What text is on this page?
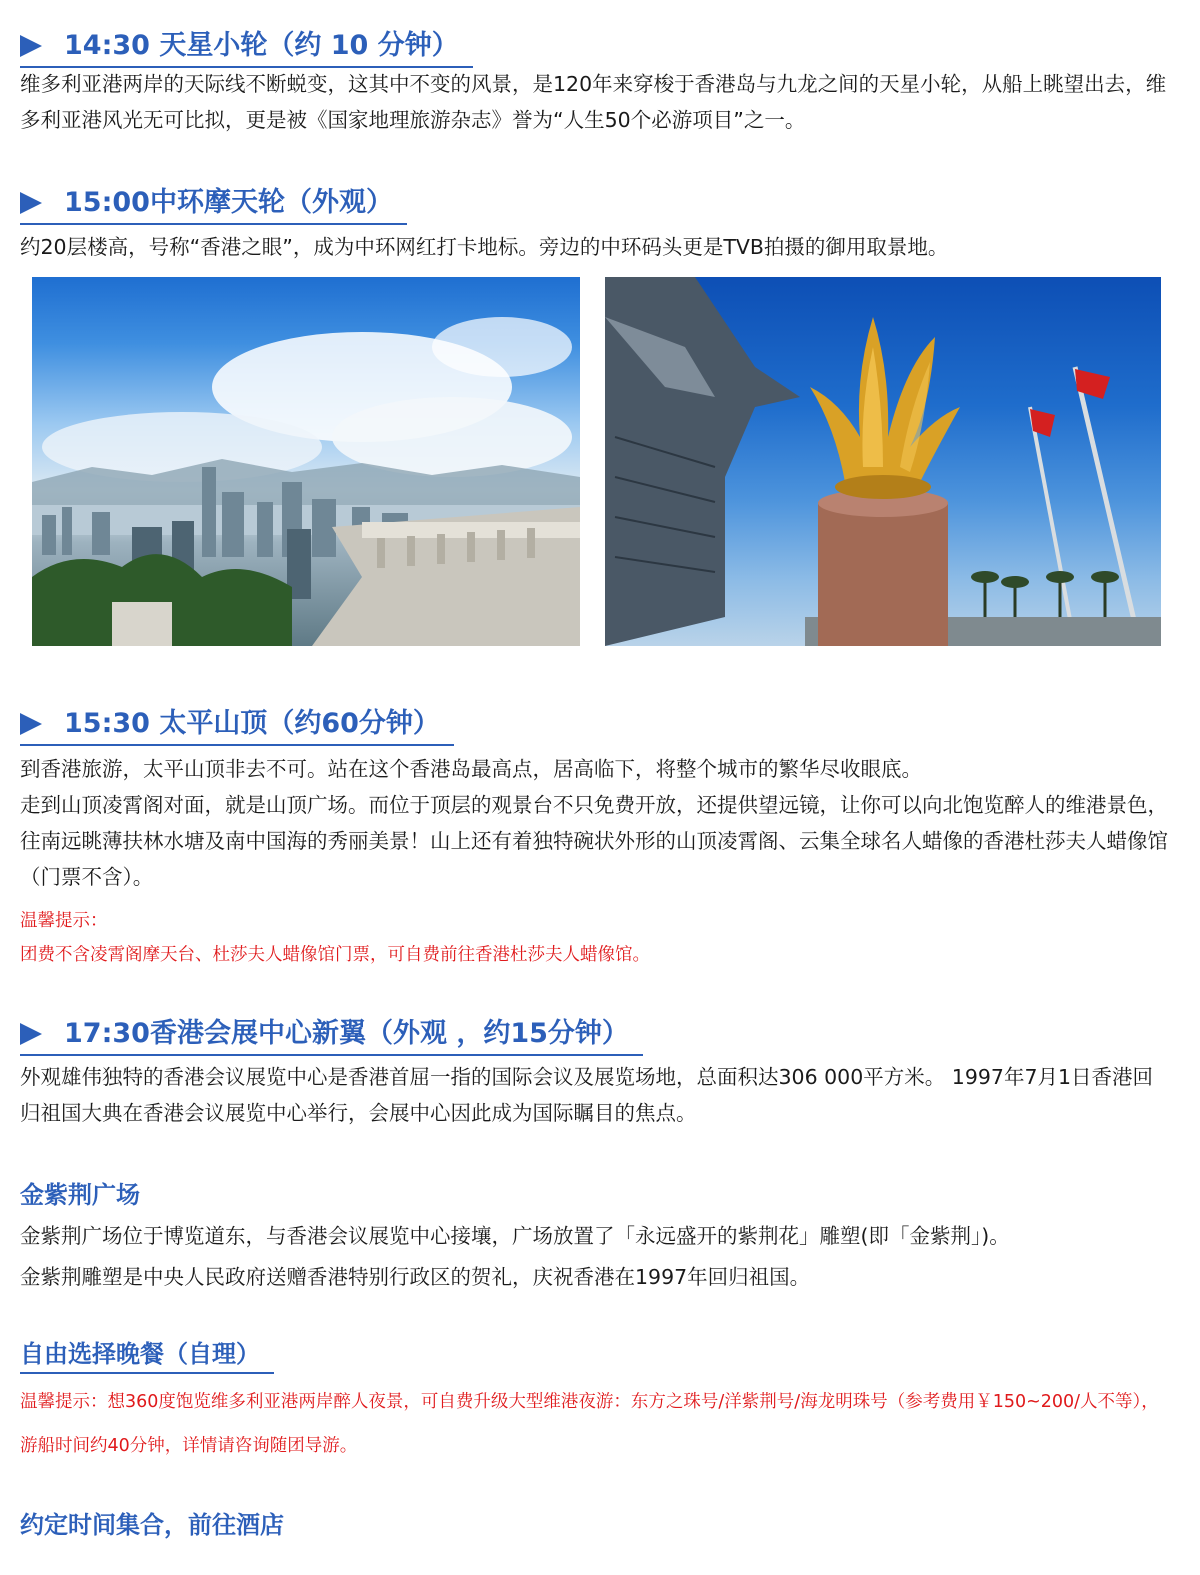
14:30 天星小轮（约 10 分钟）

维多利亚港两岸的天际线不断蜕变，这其中不变的风景，是120年来穿梭于香港岛与九龙之间的天星小轮，从船上眺望出去，维多利亚港风光无可比拟，更是被《国家地理旅游杂志》誉为“人生50个必游项目”之一。

15:00中环摩天轮（外观）

约20层楼高，号称“香港之眼”，成为中环网红打卡地标。旁边的中环码头更是TVB拍摄的御用取景地。

15:30 太平山顶（约60分钟）

到香港旅游，太平山顶非去不可。站在这个香港岛最高点，居高临下，将整个城市的繁华尽收眼底。

走到山顶凌霄阁对面，就是山顶广场。而位于顶层的观景台不只免费开放，还提供望远镜，让你可以向北饱览醉人的维港景色，往南远眺薄扶林水塘及南中国海的秀丽美景！山上还有着独特碗状外形的山顶凌霄阁、云集全球名人蜡像的香港杜莎夫人蜡像馆（门票不含）。

温馨提示：

团费不含凌霄阁摩天台、杜莎夫人蜡像馆门票，可自费前往香港杜莎夫人蜡像馆。

17:30香港会展中心新翼（外观 ，约15分钟）

外观雄伟独特的香港会议展览中心是香港首屈一指的国际会议及展览场地，总面积达306 000平方米。 1997年7月1日香港回归祖国大典在香港会议展览中心举行，会展中心因此成为国际瞩目的焦点。

金紫荆广场

金紫荆广场位于博览道东，与香港会议展览中心接壤，广场放置了「永远盛开的紫荆花」雕塑(即「金紫荆」)。

金紫荆雕塑是中央人民政府送赠香港特别行政区的贺礼，庆祝香港在1997年回归祖国。

自由选择晚餐（自理）

温馨提示：想360度饱览维多利亚港两岸醉人夜景，可自费升级大型维港夜游：东方之珠号/洋紫荆号/海龙明珠号（参考费用￥150~200/人不等），游船时间约40分钟，详情请咨询随团导游。

约定时间集合，前往酒店
